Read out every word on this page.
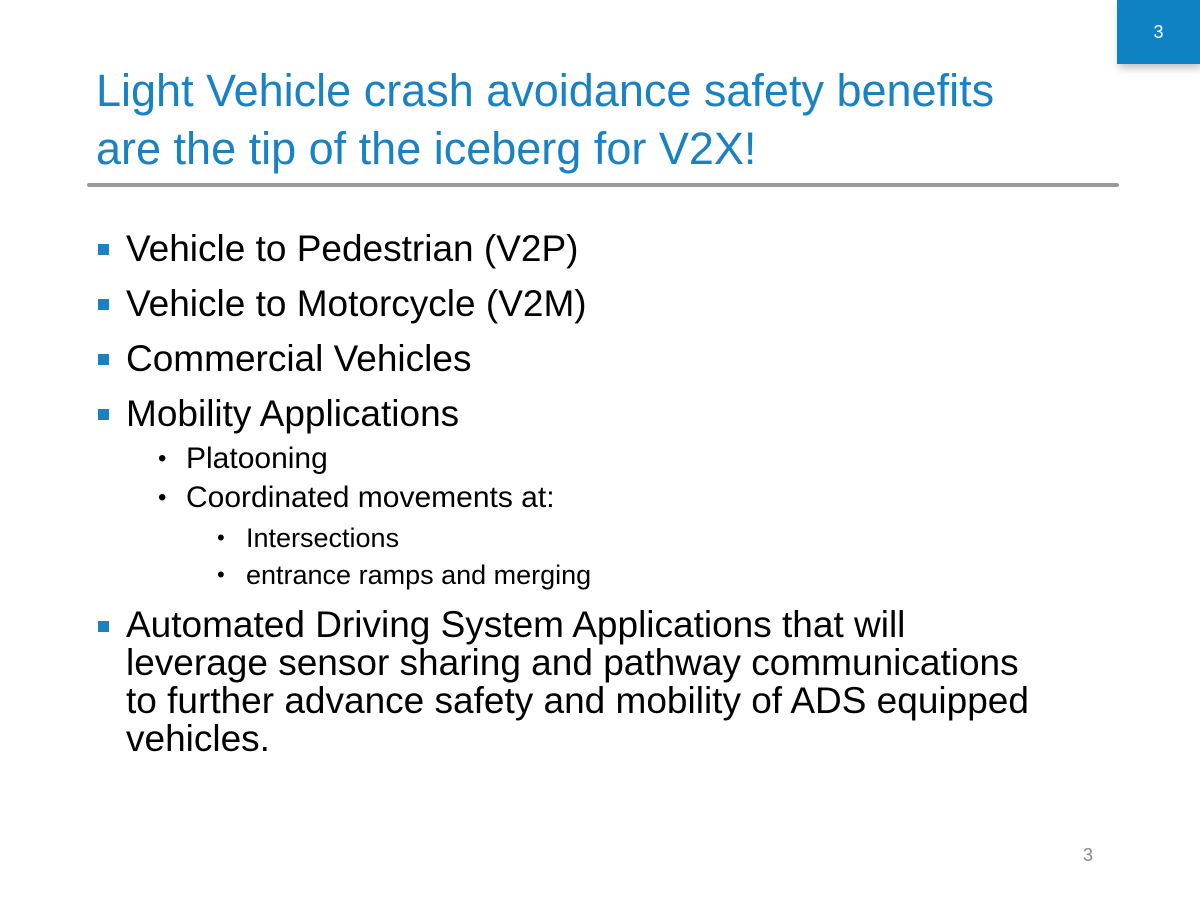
3
Light Vehicle crash avoidance safety benefits
are the tip of the iceberg for V2X!
Vehicle to Pedestrian (V2P)
Vehicle to Motorcycle (V2M)
Commercial Vehicles
Mobility Applications
• Platooning
• Coordinated movements at:
• Intersections
• entrance ramps and merging
Automated Driving System Applications that will
leverage sensor sharing and pathway communications
to further advance safety and mobility of ADS equipped
vehicles.
3
